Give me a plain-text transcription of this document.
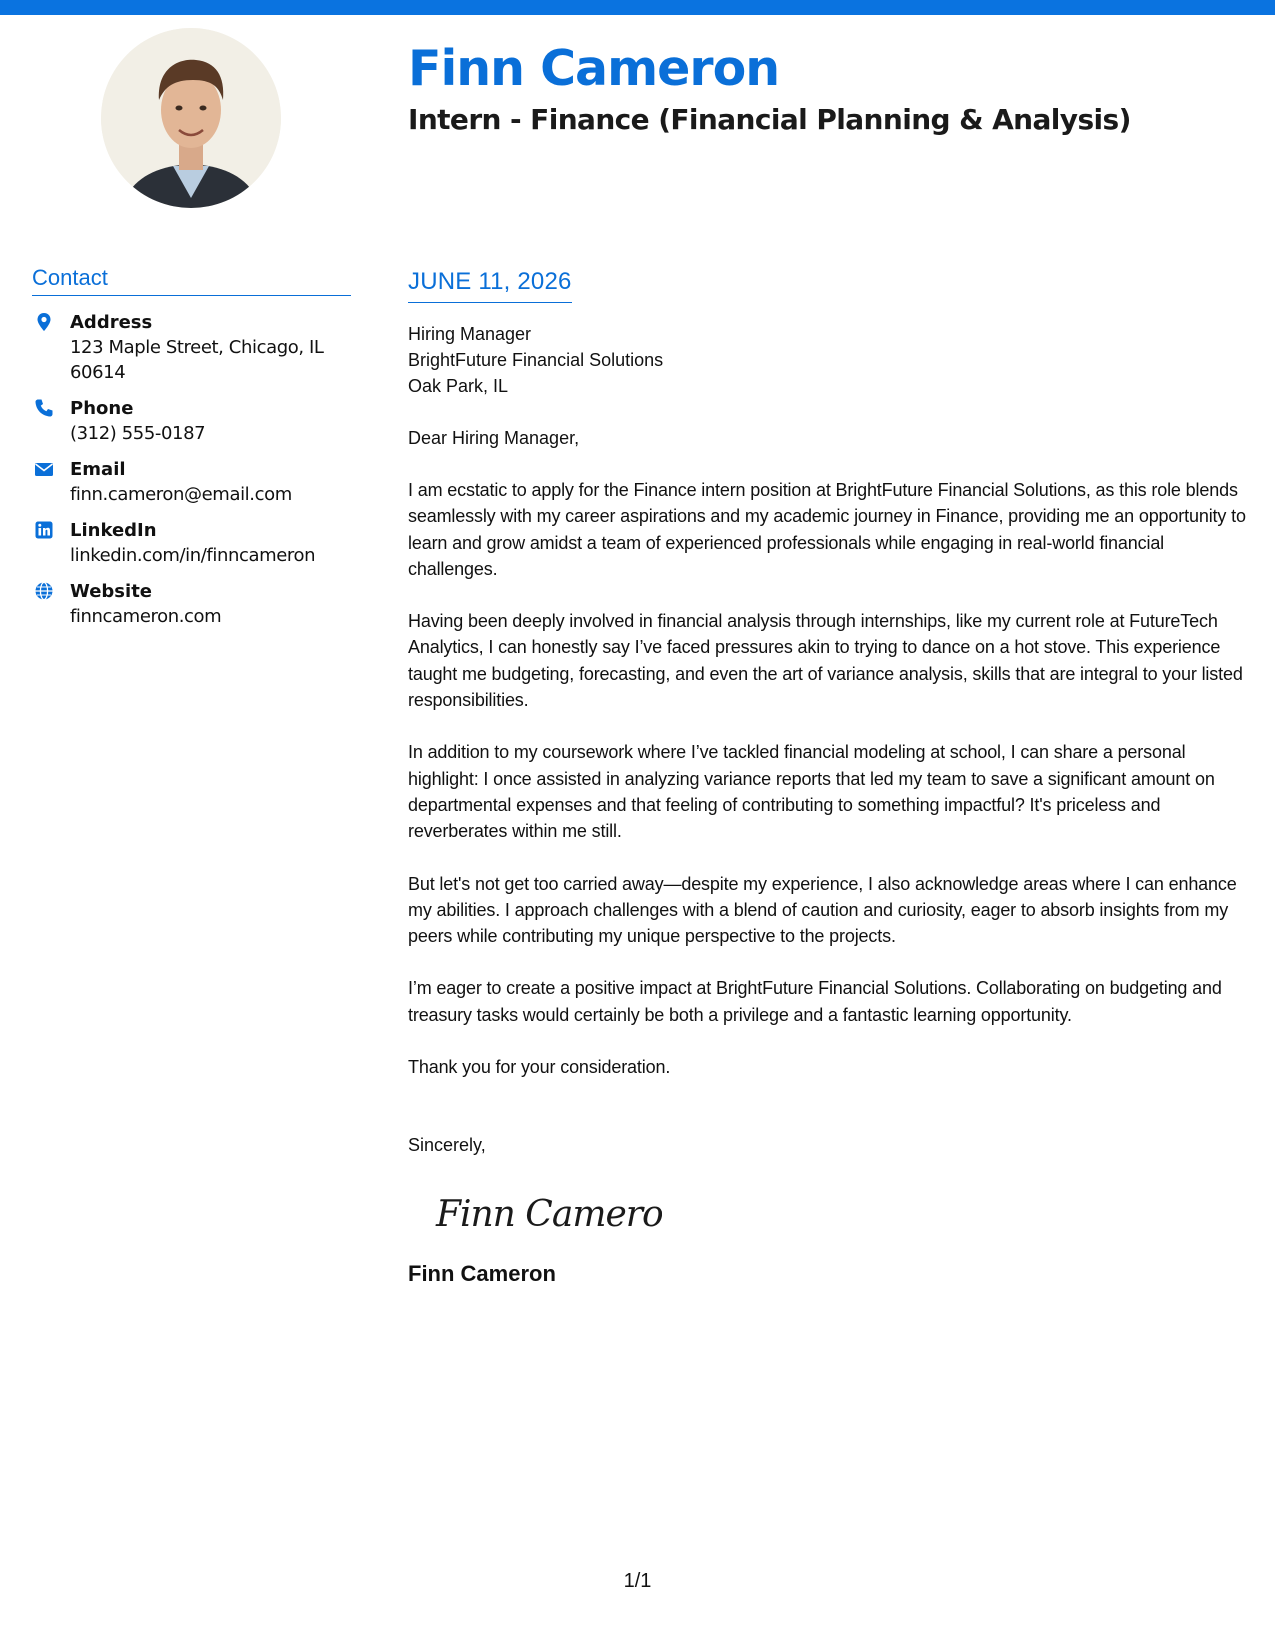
Finn Cameron
Intern - Finance (Financial Planning & Analysis)
Contact
Address
123 Maple Street, Chicago, IL
60614
Phone
(312) 555-0187
Email
finn.cameron@email.com
LinkedIn
linkedin.com/in/finncameron
Website
finncameron.com
JUNE 11, 2026
Hiring Manager
BrightFuture Financial Solutions
Oak Park, IL
Dear Hiring Manager,

I am ecstatic to apply for the Finance intern position at BrightFuture Financial Solutions, as this role blends seamlessly with my career aspirations and my academic journey in Finance, providing me an opportunity to learn and grow amidst a team of experienced professionals while engaging in real-world financial challenges.

Having been deeply involved in financial analysis through internships, like my current role at FutureTech Analytics, I can honestly say I’ve faced pressures akin to trying to dance on a hot stove. This experience taught me budgeting, forecasting, and even the art of variance analysis, skills that are integral to your listed responsibilities.

In addition to my coursework where I’ve tackled financial modeling at school, I can share a personal highlight: I once assisted in analyzing variance reports that led my team to save a significant amount on departmental expenses and that feeling of contributing to something impactful? It's priceless and reverberates within me still.

But let's not get too carried away—despite my experience, I also acknowledge areas where I can enhance my abilities. I approach challenges with a blend of caution and curiosity, eager to absorb insights from my peers while contributing my unique perspective to the projects.

I’m eager to create a positive impact at BrightFuture Financial Solutions. Collaborating on budgeting and treasury tasks would certainly be both a privilege and a fantastic learning opportunity.

Thank you for your consideration.

Sincerely,
Finn Cameron
Finn Cameron
1/1
